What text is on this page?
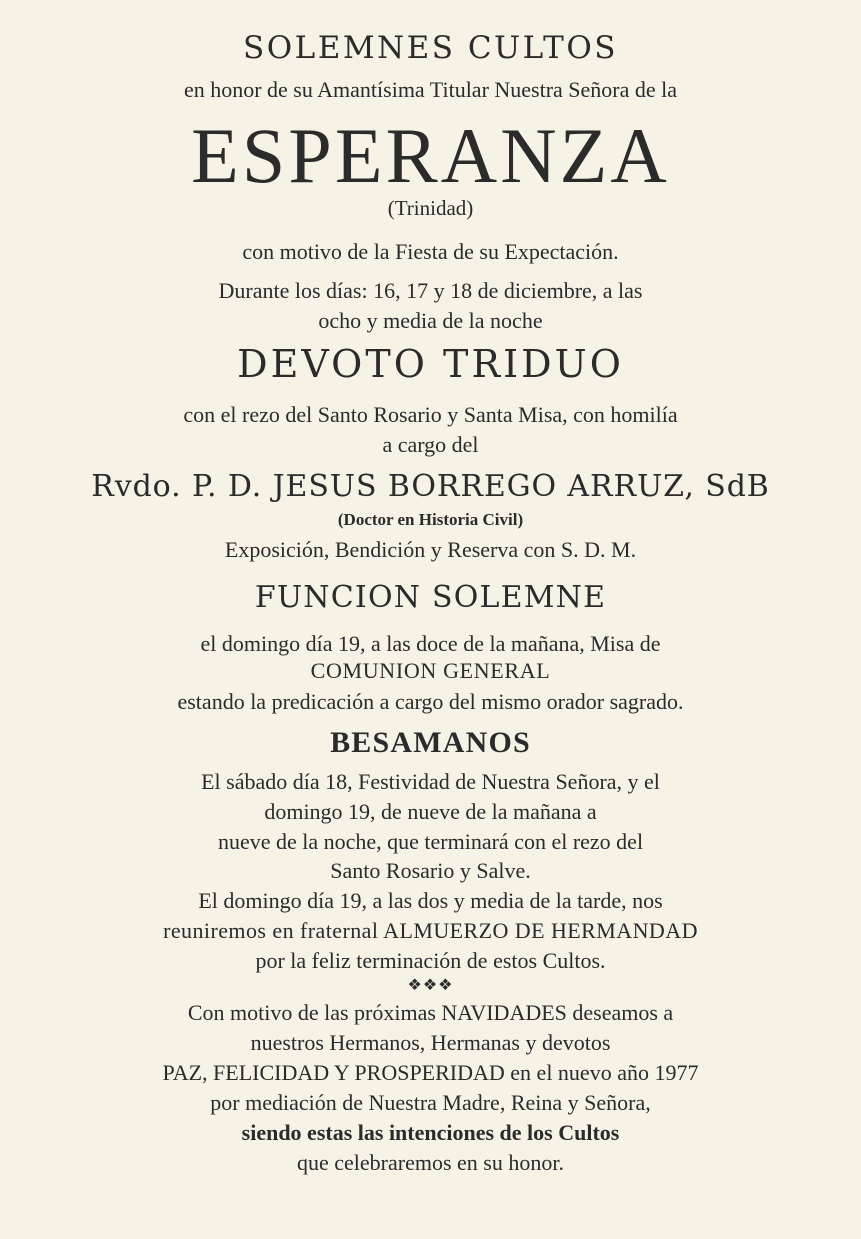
SOLEMNES CULTOS
en honor de su Amantísima Titular Nuestra Señora de la
ESPERANZA
(Trinidad)
con motivo de la Fiesta de su Expectación.
Durante los días: 16, 17 y 18 de diciembre, a las
ocho y media de la noche
DEVOTO TRIDUO
con el rezo del Santo Rosario y Santa Misa, con homilía
a cargo del
Rvdo. P. D. JESUS BORREGO ARRUZ, SdB
(Doctor en Historia Civil)
Exposición, Bendición y Reserva con S. D. M.
FUNCION SOLEMNE
el domingo día 19, a las doce de la mañana, Misa de
COMUNION GENERAL
estando la predicación a cargo del mismo orador sagrado.
BESAMANOS
El sábado día 18, Festividad de Nuestra Señora, y el
domingo 19, de nueve de la mañana a
nueve de la noche, que terminará con el rezo del
Santo Rosario y Salve.
El domingo día 19, a las dos y media de la tarde, nos
reuniremos en fraternal ALMUERZO DE HERMANDAD
por la feliz terminación de estos Cultos.
❖❖❖
Con motivo de las próximas NAVIDADES deseamos a
nuestros Hermanos, Hermanas y devotos
PAZ, FELICIDAD Y PROSPERIDAD en el nuevo año 1977
por mediación de Nuestra Madre, Reina y Señora,
siendo estas las intenciones de los Cultos
que celebraremos en su honor.
